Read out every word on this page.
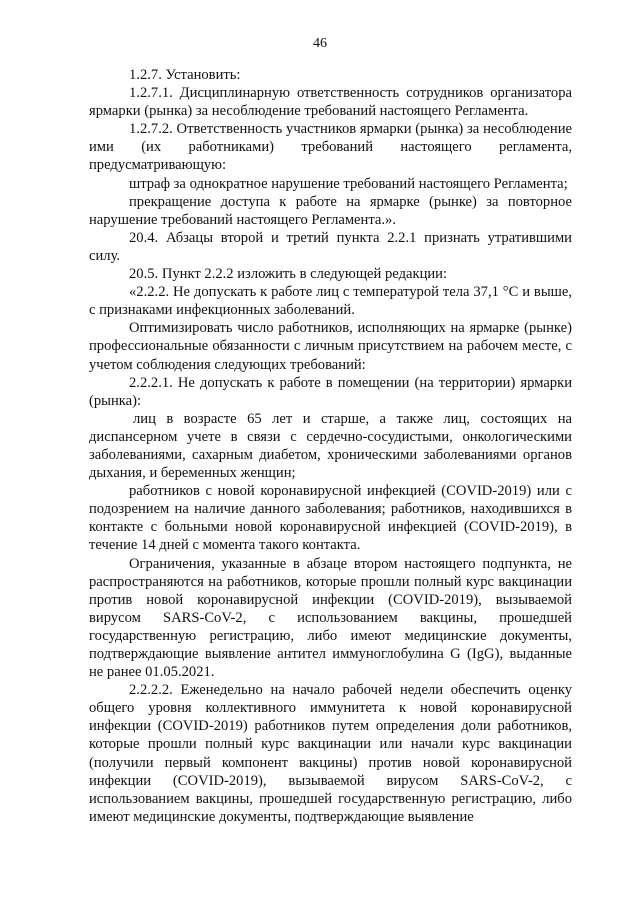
46

1.2.7. Установить:

1.2.7.1. Дисциплинарную ответственность сотрудников организатора ярмарки (рынка) за несоблюдение требований настоящего Регламента.

1.2.7.2. Ответственность участников ярмарки (рынка) за несоблюдение ими (их работниками) требований настоящего регламента, предусматривающую:

штраф за однократное нарушение требований настоящего Регламента;

прекращение доступа к работе на ярмарке (рынке) за повторное нарушение требований настоящего Регламента.».

20.4. Абзацы второй и третий пункта 2.2.1 признать утратившими силу.

20.5. Пункт 2.2.2 изложить в следующей редакции:

«2.2.2. Не допускать к работе лиц с температурой тела 37,1 °С и выше, с признаками инфекционных заболеваний.

Оптимизировать число работников, исполняющих на ярмарке (рынке) профессиональные обязанности с личным присутствием на рабочем месте, с учетом соблюдения следующих требований:

2.2.2.1. Не допускать к работе в помещении (на территории) ярмарки (рынка):

лиц в возрасте 65 лет и старше, а также лиц, состоящих на диспансерном учете в связи с сердечно-сосудистыми, онкологическими заболеваниями, сахарным диабетом, хроническими заболеваниями органов дыхания, и беременных женщин;

работников с новой коронавирусной инфекцией (COVID-2019) или с подозрением на наличие данного заболевания; работников, находившихся в контакте с больными новой коронавирусной инфекцией (COVID-2019), в течение 14 дней с момента такого контакта.

Ограничения, указанные в абзаце втором настоящего подпункта, не распространяются на работников, которые прошли полный курс вакцинации против новой коронавирусной инфекции (COVID-2019), вызываемой вирусом SARS-CoV-2, с использованием вакцины, прошедшей государственную регистрацию, либо имеют медицинские документы, подтверждающие выявление антител иммуноглобулина G (IgG), выданные не ранее 01.05.2021.

2.2.2.2. Еженедельно на начало рабочей недели обеспечить оценку общего уровня коллективного иммунитета к новой коронавирусной инфекции (COVID-2019) работников путем определения доли работников, которые прошли полный курс вакцинации или начали курс вакцинации (получили первый компонент вакцины) против новой коронавирусной инфекции (COVID-2019), вызываемой вирусом SARS-CoV-2, с использованием вакцины, прошедшей государственную регистрацию, либо имеют медицинские документы, подтверждающие выявление
